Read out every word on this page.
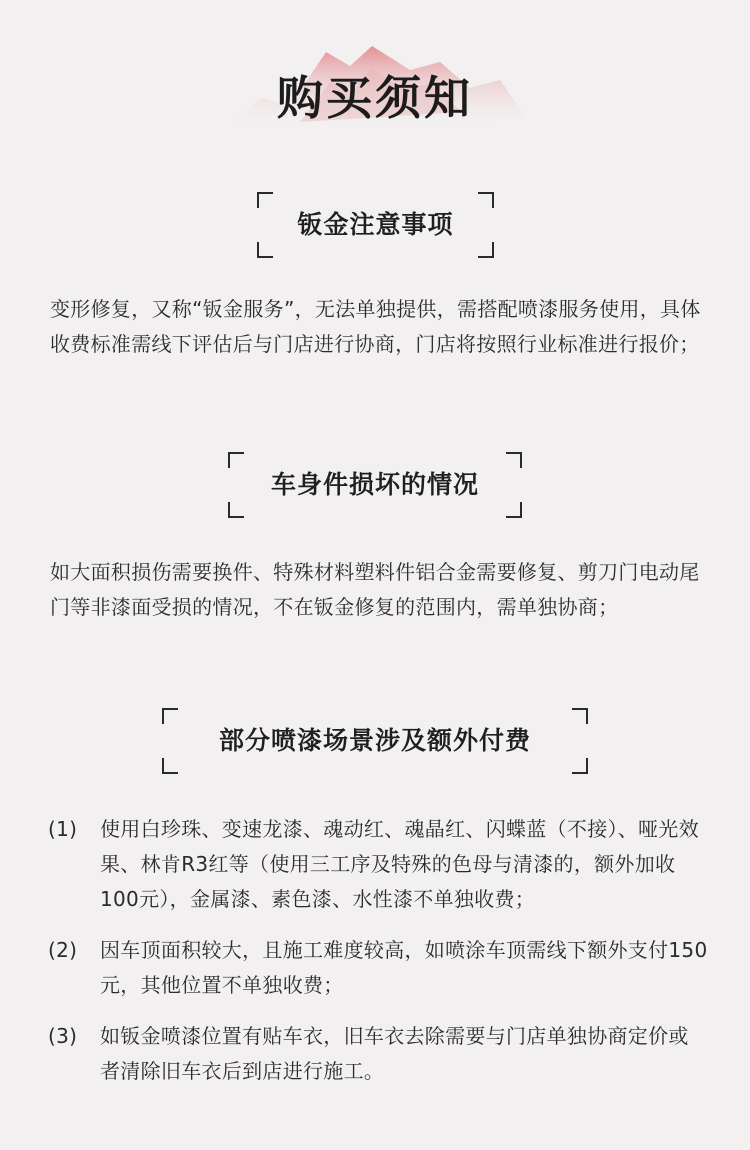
购买须知
钣金注意事项

变形修复，又称“钣金服务”，无法单独提供，需搭配喷漆服务使用，具体收费标准需线下评估后与门店进行协商，门店将按照行业标准进行报价；

车身件损坏的情况

如大面积损伤需要换件、特殊材料塑料件铝合金需要修复、剪刀门电动尾门等非漆面受损的情况，不在钣金修复的范围内，需单独协商；

部分喷漆场景涉及额外付费
(1) 使用白珍珠、变速龙漆、魂动红、魂晶红、闪蝶蓝（不接）、哑光效果、林肯R3红等（使用三工序及特殊的色母与清漆的，额外加收100元），金属漆、素色漆、水性漆不单独收费；
(2) 因车顶面积较大，且施工难度较高，如喷涂车顶需线下额外支付150元，其他位置不单独收费；
(3) 如钣金喷漆位置有贴车衣，旧车衣去除需要与门店单独协商定价或者清除旧车衣后到店进行施工。
